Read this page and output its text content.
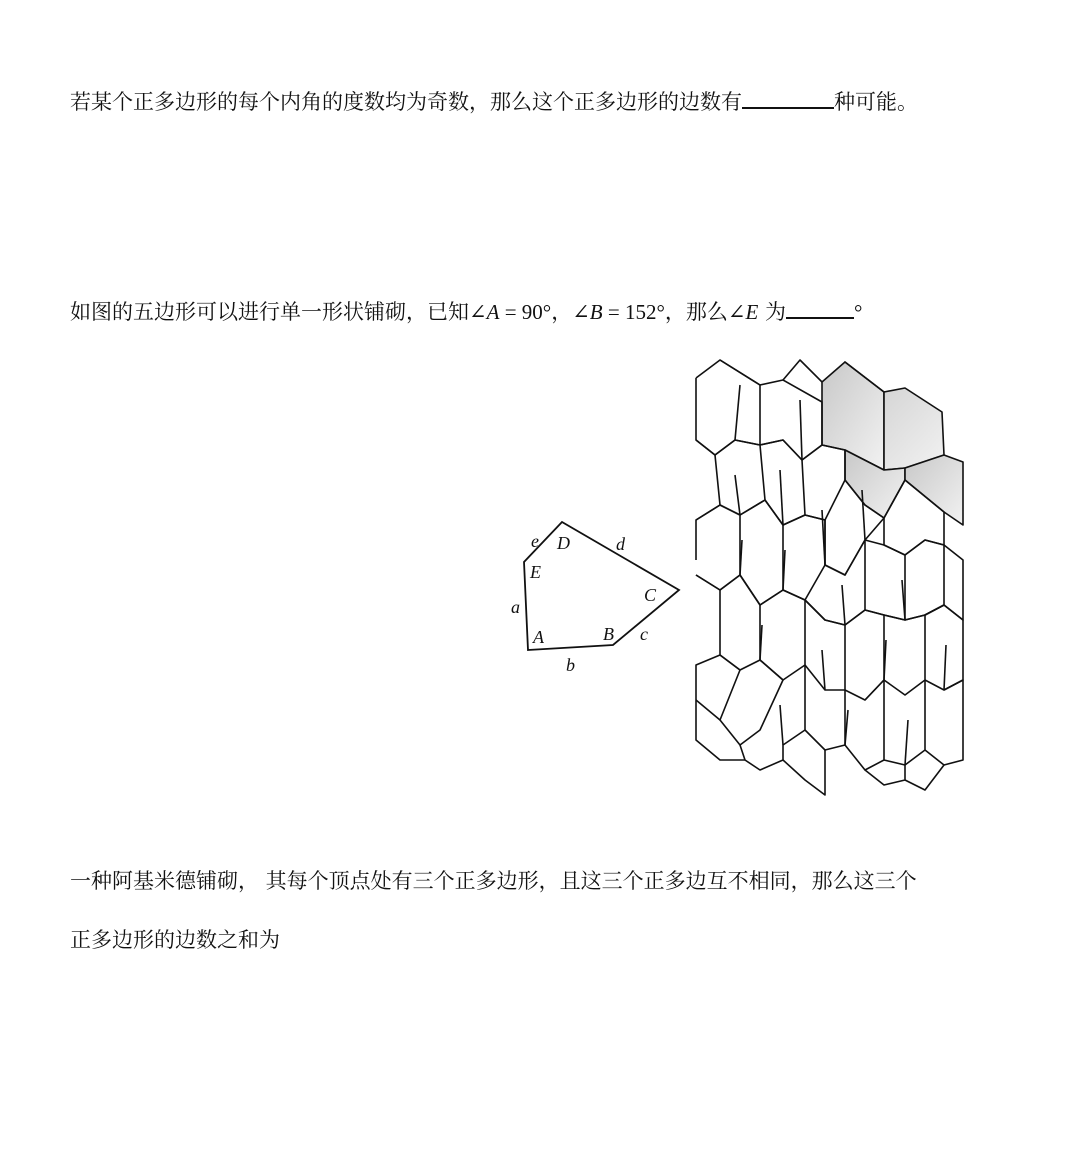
若某个正多边形的每个内角的度数均为奇数，那么这个正多边形的边数有	种可能。
如图的五边形可以进行单一形状铺砌，已知∠A = 90°，∠B = 152°，那么∠E 为	°
A	B
C
D
E
a
b
c
d
e
一种阿基米德铺砌， 其每个顶点处有三个正多边形，且这三个正多边互不相同，那么这三个
正多边形的边数之和为
